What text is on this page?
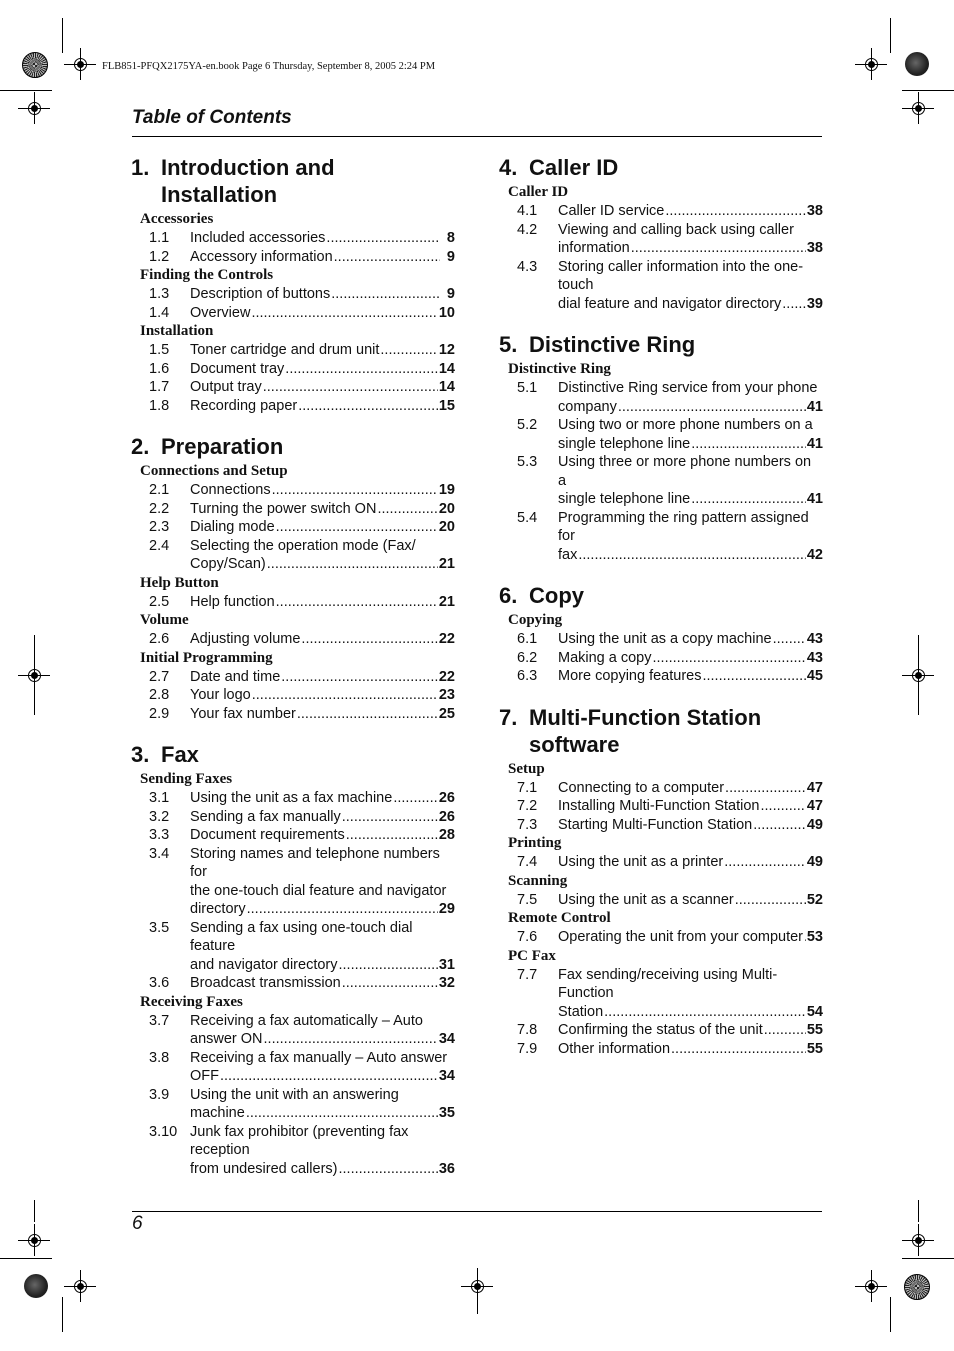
FLB851-PFQX2175YA-en.book Page 6 Thursday, September 8, 2005 2:24 PM
Table of Contents
1. Introduction and Installation
Accessories
1.1	Included accessories .....	8
1.2	Accessory information .....	9
Finding the Controls
1.3	Description of buttons .....	9
1.4	Overview .....	10
Installation
1.5	Toner cartridge and drum unit .....	12
1.6	Document tray .....	14
1.7	Output tray .....	14
1.8	Recording paper .....	15
2. Preparation
Connections and Setup
2.1	Connections .....	19
2.2	Turning the power switch ON .....	20
2.3	Dialing mode .....	20
2.4	Selecting the operation mode (Fax/
Copy/Scan) .....	21
Help Button
2.5	Help function .....	21
Volume
2.6	Adjusting volume .....	22
Initial Programming
2.7	Date and time .....	22
2.8	Your logo .....	23
2.9	Your fax number .....	25
3. Fax
Sending Faxes
3.1	Using the unit as a fax machine .....	26
3.2	Sending a fax manually .....	26
3.3	Document requirements .....	28
3.4	Storing names and telephone numbers for
the one-touch dial feature and navigator
directory .....	29
3.5	Sending a fax using one-touch dial feature
and navigator directory .....	31
3.6	Broadcast transmission .....	32
Receiving Faxes
3.7	Receiving a fax automatically – Auto
answer ON .....	34
3.8	Receiving a fax manually – Auto answer
OFF .....	34
3.9	Using the unit with an answering
machine .....	35
3.10 Junk fax prohibitor (preventing fax reception
from undesired callers) .....	36
4. Caller ID
Caller ID
4.1	Caller ID service .....	38
4.2	Viewing and calling back using caller
information .....	38
4.3	Storing caller information into the one-touch
dial feature and navigator directory ..... 39
5. Distinctive Ring
Distinctive Ring
5.1	Distinctive Ring service from your phone
company .....	41
5.2	Using two or more phone numbers on a
single telephone line .....	41
5.3	Using three or more phone numbers on a
single telephone line .....	41
5.4	Programming the ring pattern assigned for
fax .....	42
6. Copy
Copying
6.1	Using the unit as a copy machine ..... 43
6.2	Making a copy .....	43
6.3	More copying features .....	45
7. Multi-Function Station software
Setup
7.1	Connecting to a computer .....	47
7.2	Installing Multi-Function Station .....	47
7.3	Starting Multi-Function Station .....	49
Printing
7.4	Using the unit as a printer .....	49
Scanning
7.5	Using the unit as a scanner .....	52
Remote Control
7.6	Operating the unit from your computer ..... 53
PC Fax
7.7	Fax sending/receiving using Multi-Function
Station .....	54
7.8	Confirming the status of the unit .....	55
7.9	Other information .....	55
6
